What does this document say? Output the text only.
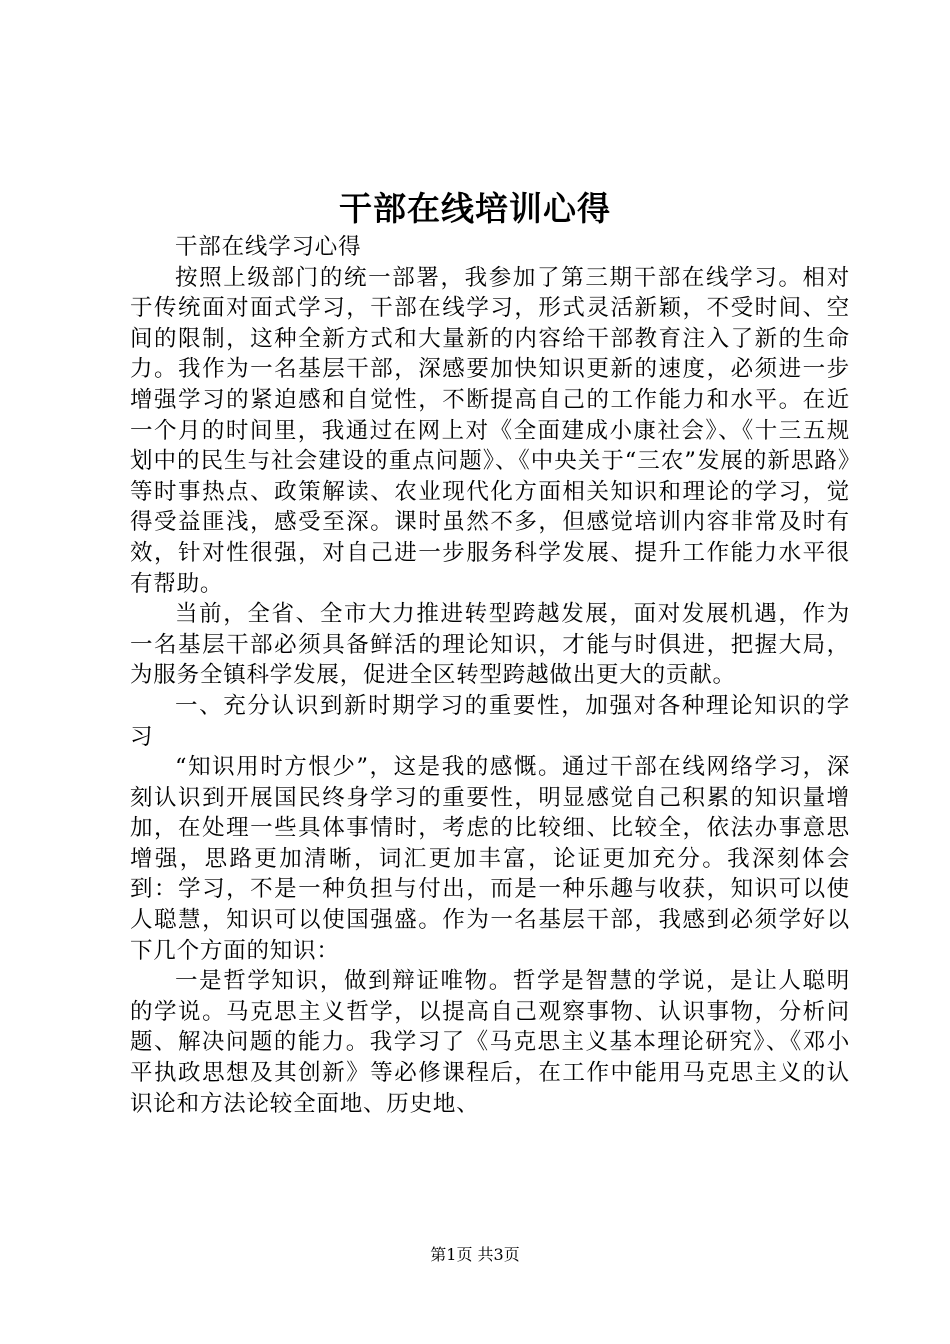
干部在线培训心得

干部在线学习心得

按照上级部门的统一部署，我参加了第三期干部在线学习。相对于传统面对面式学习，干部在线学习，形式灵活新颖，不受时间、空间的限制，这种全新方式和大量新的内容给干部教育注入了新的生命力。我作为一名基层干部，深感要加快知识更新的速度，必须进一步增强学习的紧迫感和自觉性，不断提高自己的工作能力和水平。在近一个月的时间里，我通过在网上对《全面建成小康社会》、《十三五规划中的民生与社会建设的重点问题》、《中央关于“三农”发展的新思路》等时事热点、政策解读、农业现代化方面相关知识和理论的学习，觉得受益匪浅，感受至深。课时虽然不多，但感觉培训内容非常及时有效，针对性很强，对自己进一步服务科学发展、提升工作能力水平很有帮助。

当前，全省、全市大力推进转型跨越发展，面对发展机遇，作为一名基层干部必须具备鲜活的理论知识，才能与时俱进，把握大局，为服务全镇科学发展，促进全区转型跨越做出更大的贡献。

一、充分认识到新时期学习的重要性，加强对各种理论知识的学习

“知识用时方恨少”，这是我的感慨。通过干部在线网络学习，深刻认识到开展国民终身学习的重要性，明显感觉自己积累的知识量增加，在处理一些具体事情时，考虑的比较细、比较全，依法办事意思增强，思路更加清晰，词汇更加丰富，论证更加充分。我深刻体会到：学习，不是一种负担与付出，而是一种乐趣与收获，知识可以使人聪慧，知识可以使国强盛。作为一名基层干部，我感到必须学好以下几个方面的知识：

一是哲学知识，做到辩证唯物。哲学是智慧的学说，是让人聪明的学说。马克思主义哲学，以提高自己观察事物、认识事物，分析问题、解决问题的能力。我学习了《马克思主义基本理论研究》、《邓小平执政思想及其创新》等必修课程后，在工作中能用马克思主义的认识论和方法论较全面地、历史地、

第1页 共3页
